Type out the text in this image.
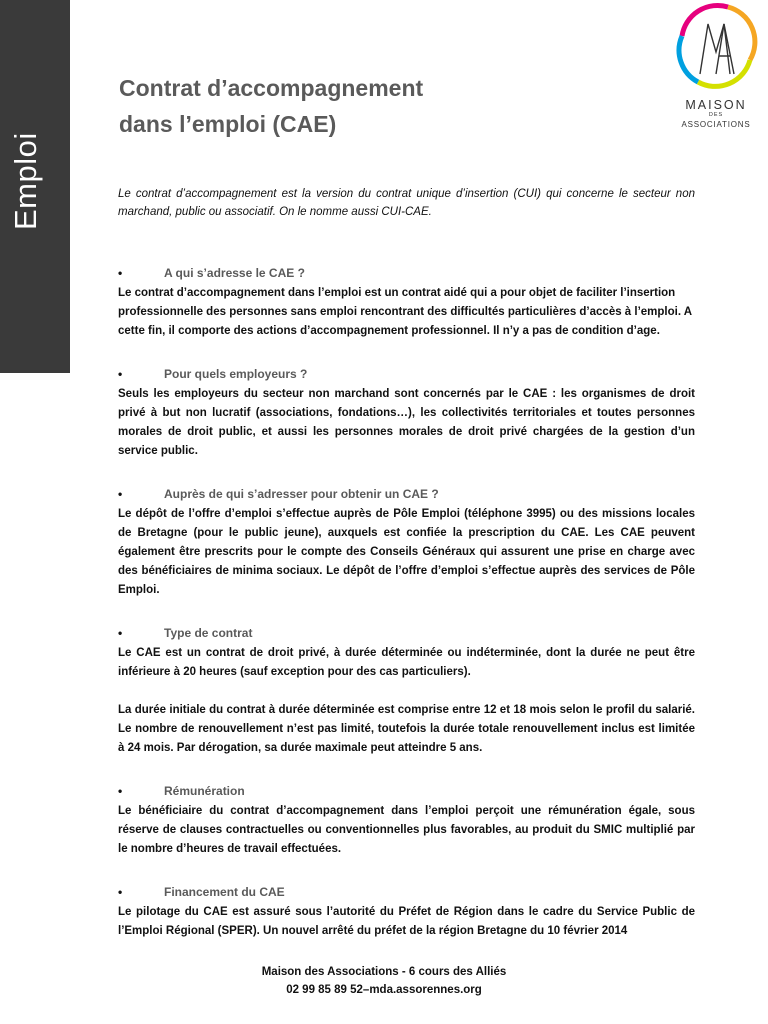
Emploi
Contrat d’accompagnement
dans l’emploi (CAE)
MAISON
DES
ASSOCIATIONS

Le contrat d’accompagnement est la version du contrat unique d’insertion (CUI) qui concerne le secteur non marchand, public ou associatif. On le nomme aussi CUI-CAE.

•	A qui s’adresse le CAE ?

Le contrat d’accompagnement dans l’emploi est un contrat aidé qui a pour objet de faciliter l’insertion professionnelle des personnes sans emploi rencontrant des difficultés particulières d’accès à l’emploi. A cette fin, il comporte des actions d’accompagnement professionnel. Il n’y a pas de condition d’age.

•	Pour quels employeurs ?

Seuls les employeurs du secteur non marchand sont concernés par le CAE : les organismes de droit privé à but non lucratif (associations, fondations…), les collectivités territoriales et toutes personnes morales de droit public, et aussi les personnes morales de droit privé chargées de la gestion d’un service public.

•	Auprès de qui s’adresser pour obtenir un CAE ?

Le dépôt de l’offre d’emploi s’effectue auprès de Pôle Emploi (téléphone 3995) ou des missions locales de Bretagne (pour le public jeune), auxquels est confiée la prescription du CAE. Les CAE peuvent également être prescrits pour le compte des Conseils Généraux qui assurent une prise en charge avec des bénéficiaires de minima sociaux. Le dépôt de l’offre d’emploi s’effectue auprès des services de Pôle Emploi.

•	Type de contrat

Le CAE est un contrat de droit privé, à durée déterminée ou indéterminée, dont la durée ne peut être inférieure à 20 heures (sauf exception pour des cas particuliers).

La durée initiale du contrat à durée déterminée est comprise entre 12 et 18 mois selon le profil du salarié. Le nombre de renouvellement n’est pas limité, toutefois la durée totale renouvellement inclus est limitée à 24 mois. Par dérogation, sa durée maximale peut atteindre 5 ans.

•	Rémunération

Le bénéficiaire du contrat d’accompagnement dans l’emploi perçoit une rémunération égale, sous réserve de clauses contractuelles ou conventionnelles plus favorables, au produit du SMIC multiplié par le nombre d’heures de travail effectuées.

•	Financement du CAE

Le pilotage du CAE est assuré sous l’autorité du Préfet de Région dans le cadre du Service Public de l’Emploi Régional (SPER). Un nouvel arrêté du préfet de la région Bretagne du 10 février 2014

Maison des Associations - 6 cours des Alliés
02 99 85 89 52–mda.assorennes.org
